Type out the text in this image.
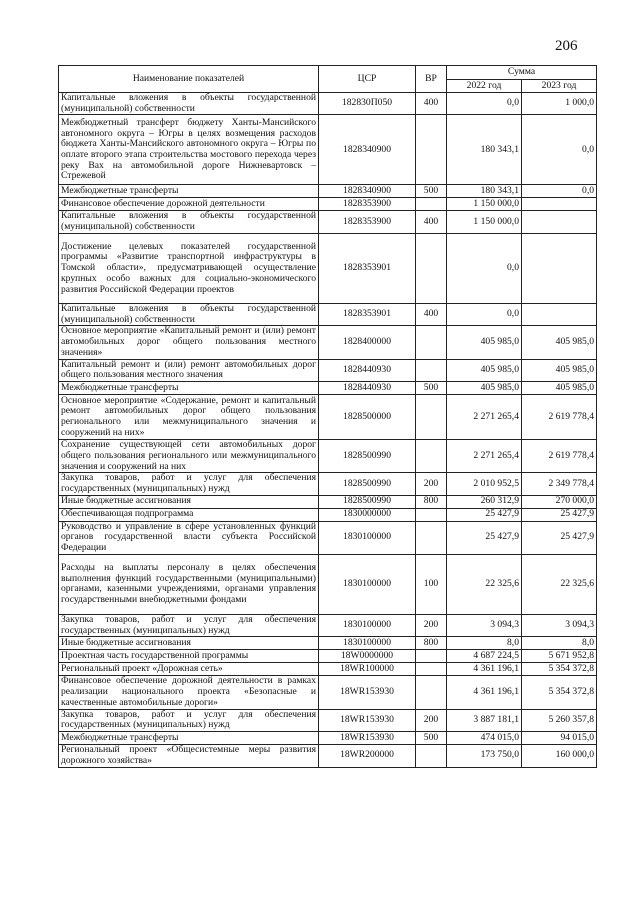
206
Наименование показателей	ЦСР	ВР	Сумма	
			2022 год	2023 год
Капитальные вложения в объекты государственной (муниципальной) собственности	182830П050	400	0,0	1 000,0
Межбюджетный трансферт бюджету Ханты-Мансийского автономного округа – Югры в целях возмещения расходов бюджета Ханты-Мансийского автономного округа – Югры по оплате второго этапа строительства мостового перехода через реку Вах на автомобильной дороге Нижневартовск – Стрежевой	1828340900		180 343,1	0,0
Межбюджетные трансферты	1828340900	500	180 343,1	0,0
Финансовое обеспечение дорожной деятельности	1828353900		1 150 000,0	
Капитальные вложения в объекты государственной (муниципальной) собственности	1828353900	400	1 150 000,0	
Достижение целевых показателей государственной программы «Развитие транспортной инфраструктуры в Томской области», предусматривающей осуществление крупных особо важных для социально-экономического развития Российской Федерации проектов	1828353901		0,0	
Капитальные вложения в объекты государственной (муниципальной) собственности	1828353901	400	0,0	
Основное мероприятие «Капитальный ремонт и (или) ремонт автомобильных дорог общего пользования местного значения»	1828400000		405 985,0	405 985,0
Капитальный ремонт и (или) ремонт автомобильных дорог общего пользования местного значения	1828440930		405 985,0	405 985,0
Межбюджетные трансферты	1828440930	500	405 985,0	405 985,0
Основное мероприятие «Содержание, ремонт и капитальный ремонт автомобильных дорог общего пользования регионального или межмуниципального значения и сооружений на них»	1828500000		2 271 265,4	2 619 778,4
Сохранение существующей сети автомобильных дорог общего пользования регионального или межмуниципального значения и сооружений на них	1828500990		2 271 265,4	2 619 778,4
Закупка товаров, работ и услуг для обеспечения государственных (муниципальных) нужд	1828500990	200	2 010 952,5	2 349 778,4
Иные бюджетные ассигнования	1828500990	800	260 312,9	270 000,0
Обеспечивающая подпрограмма	1830000000		25 427,9	25 427,9
Руководство и управление в сфере установленных функций органов государственной власти субъекта Российской Федерации	1830100000		25 427,9	25 427,9
Расходы на выплаты персоналу в целях обеспечения выполнения функций государственными (муниципальными) органами, казенными учреждениями, органами управления государственными внебюджетными фондами	1830100000	100	22 325,6	22 325,6
Закупка товаров, работ и услуг для обеспечения государственных (муниципальных) нужд	1830100000	200	3 094,3	3 094,3
Иные бюджетные ассигнования	1830100000	800	8,0	8,0
Проектная часть государственной программы	18W0000000		4 687 224,5	5 671 952,8
Региональный проект «Дорожная сеть»	18WR100000		4 361 196,1	5 354 372,8
Финансовое обеспечение дорожной деятельности в рамках реализации национального проекта «Безопасные и качественные автомобильные дороги»	18WR153930		4 361 196,1	5 354 372,8
Закупка товаров, работ и услуг для обеспечения государственных (муниципальных) нужд	18WR153930	200	3 887 181,1	5 260 357,8
Межбюджетные трансферты	18WR153930	500	474 015,0	94 015,0
Региональный проект «Общесистемные меры развития дорожного хозяйства»	18WR200000		173 750,0	160 000,0
